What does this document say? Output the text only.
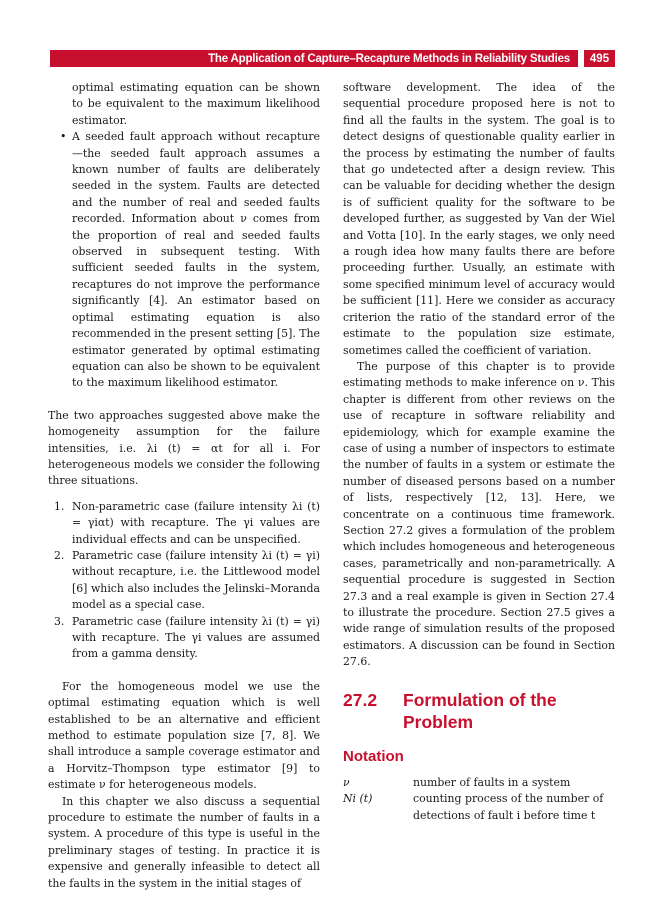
The Application of Capture–Recapture Methods in Reliability Studies	495

optimal estimating equation can be shown to be equivalent to the maximum likelihood estimator.

• A seeded fault approach without recapture—the seeded fault approach assumes a known number of faults are deliberately seeded in the system. Faults are detected and the number of real and seeded faults recorded. Information about ν comes from the proportion of real and seeded faults observed in subsequent testing. With sufficient seeded faults in the system, recaptures do not improve the performance significantly [4]. An estimator based on optimal estimating equation is also recommended in the present setting [5]. The estimator generated by optimal estimating equation can also be shown to be equivalent to the maximum likelihood estimator.

The two approaches suggested above make the homogeneity assumption for the failure intensities, i.e. λi (t) = αt for all i. For heterogeneous models we consider the following three situations.

1. Non-parametric case (failure intensity λi (t) = γiαt) with recapture. The γi values are individual effects and can be unspecified.

2. Parametric case (failure intensity λi (t) = γi) without recapture, i.e. the Littlewood model [6] which also includes the Jelinski–Moranda model as a special case.

3. Parametric case (failure intensity λi (t) = γi) with recapture. The γi values are assumed from a gamma density.

For the homogeneous model we use the optimal estimating equation which is well established to be an alternative and efficient method to estimate population size [7, 8]. We shall introduce a sample coverage estimator and a Horvitz–Thompson type estimator [9] to estimate ν for heterogeneous models.

In this chapter we also discuss a sequential procedure to estimate the number of faults in a system. A procedure of this type is useful in the preliminary stages of testing. In practice it is expensive and generally infeasible to detect all the faults in the system in the initial stages of

software development. The idea of the sequential procedure proposed here is not to find all the faults in the system. The goal is to detect designs of questionable quality earlier in the process by estimating the number of faults that go undetected after a design review. This can be valuable for deciding whether the design is of sufficient quality for the software to be developed further, as suggested by Van der Wiel and Votta [10]. In the early stages, we only need a rough idea how many faults there are before proceeding further. Usually, an estimate with some specified minimum level of accuracy would be sufficient [11]. Here we consider as accuracy criterion the ratio of the standard error of the estimate to the population size estimate, sometimes called the coefficient of variation.

The purpose of this chapter is to provide estimating methods to make inference on ν. This chapter is different from other reviews on the use of recapture in software reliability and epidemiology, which for example examine the case of using a number of inspectors to estimate the number of faults in a system or estimate the number of diseased persons based on a number of lists, respectively [12, 13]. Here, we concentrate on a continuous time framework. Section 27.2 gives a formulation of the problem which includes homogeneous and heterogeneous cases, parametrically and non-parametrically. A sequential procedure is suggested in Section 27.3 and a real example is given in Section 27.4 to illustrate the procedure. Section 27.5 gives a wide range of simulation results of the proposed estimators. A discussion can be found in Section 27.6.

27.2	Formulation of the Problem
Notation
ν	number of faults in a system
Ni (t)	counting process of the number of detections of fault i before time t
